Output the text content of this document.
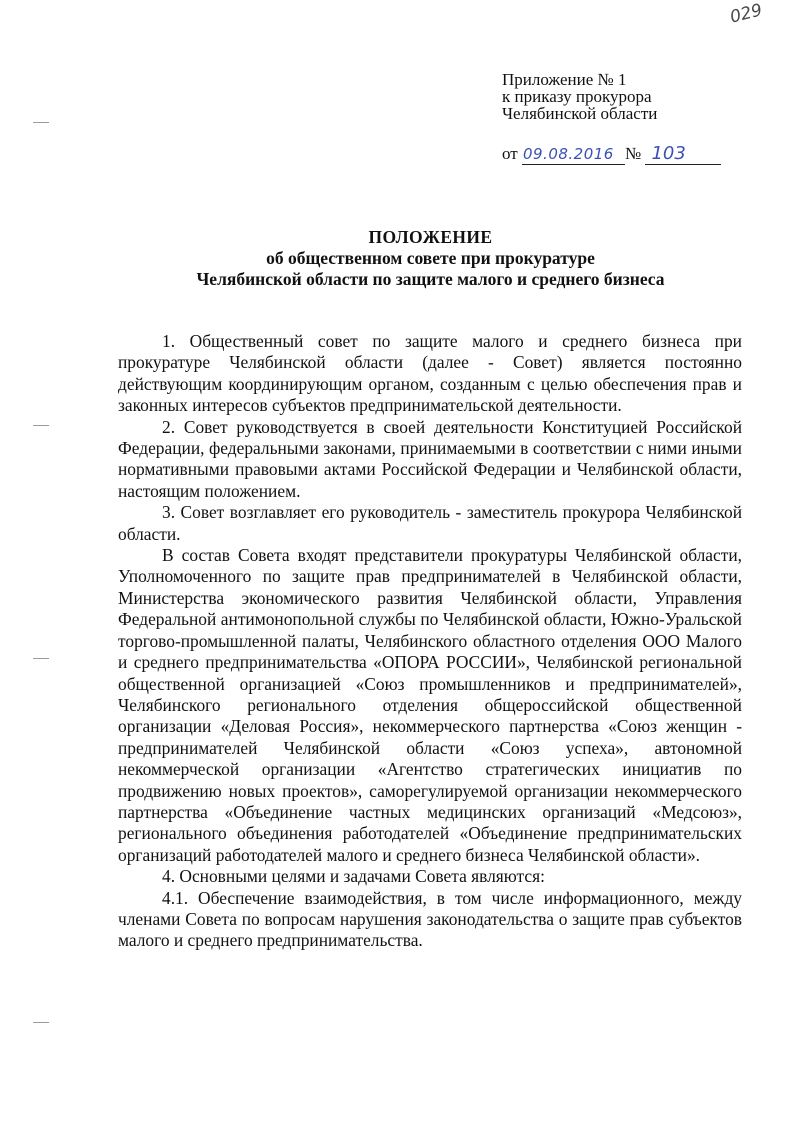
029
Приложение № 1
к приказу прокурора
Челябинской области
от 09.08.2016 № 103
ПОЛОЖЕНИЕ
об общественном совете при прокуратуре
Челябинской области по защите малого и среднего бизнеса

1. Общественный совет по защите малого и среднего бизнеса при прокуратуре Челябинской области (далее - Совет) является постоянно действующим координирующим органом, созданным с целью обеспечения прав и законных интересов субъектов предпринимательской деятельности.

2. Совет руководствуется в своей деятельности Конституцией Российской Федерации, федеральными законами, принимаемыми в соответствии с ними иными нормативными правовыми актами Российской Федерации и Челябинской области, настоящим положением.

3. Совет возглавляет его руководитель - заместитель прокурора Челябинской области.

В состав Совета входят представители прокуратуры Челябинской области, Уполномоченного по защите прав предпринимателей в Челябинской области, Министерства экономического развития Челябинской области, Управления Федеральной антимонопольной службы по Челябинской области, Южно-Уральской торгово-промышленной палаты, Челябинского областного отделения ООО Малого и среднего предпринимательства «ОПОРА РОССИИ», Челябинской региональной общественной организацией «Союз промышленников и предпринимателей», Челябинского регионального отделения общероссийской общественной организации «Деловая Россия», некоммерческого партнерства «Союз женщин - предпринимателей Челябинской области «Союз успеха», автономной некоммерческой организации «Агентство стратегических инициатив по продвижению новых проектов», саморегулируемой организации некоммерческого партнерства «Объединение частных медицинских организаций «Медсоюз», регионального объединения работодателей «Объединение предпринимательских организаций работодателей малого и среднего бизнеса Челябинской области».

4. Основными целями и задачами Совета являются:

4.1. Обеспечение взаимодействия, в том числе информационного, между членами Совета по вопросам нарушения законодательства о защите прав субъектов малого и среднего предпринимательства.
